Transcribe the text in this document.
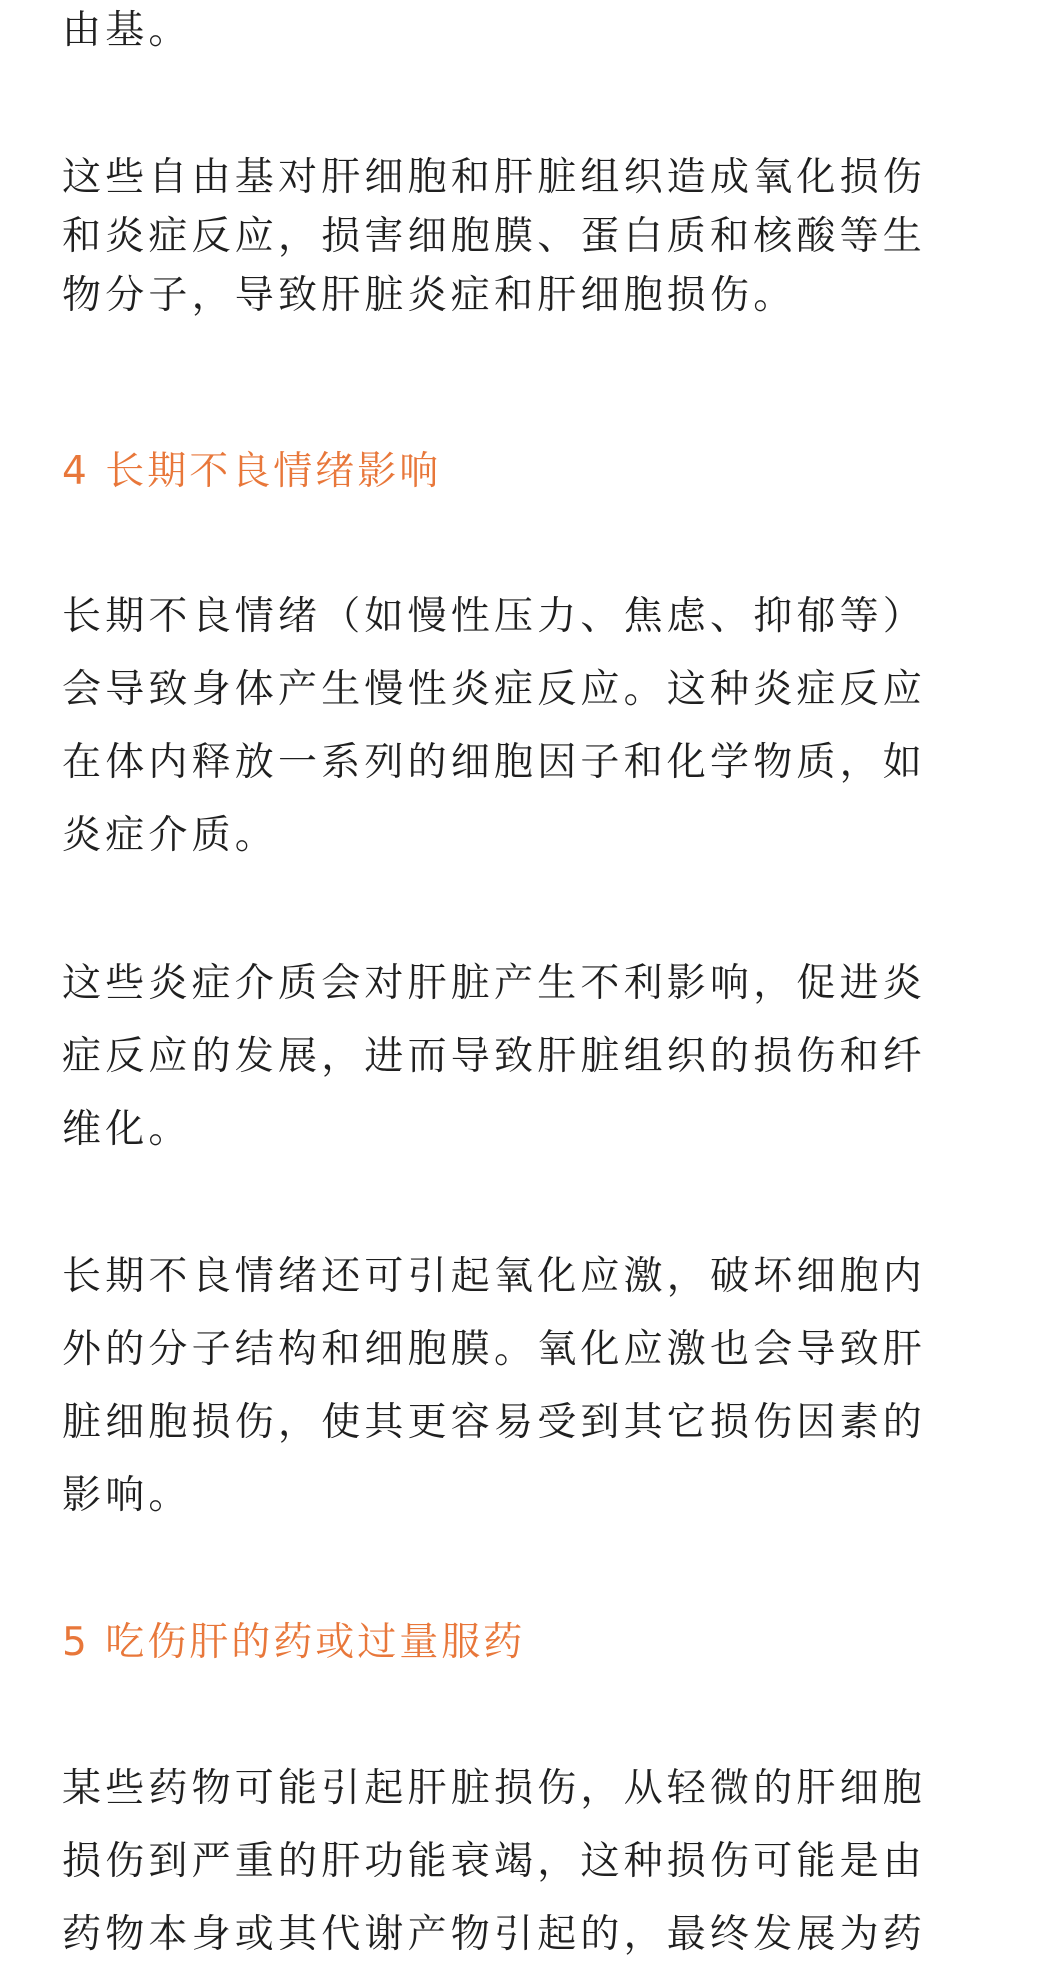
由基。

这些自由基对肝细胞和肝脏组织造成氧化损伤

和炎症反应，损害细胞膜、蛋白质和核酸等生

物分子，导致肝脏炎症和肝细胞损伤。

4 长期不良情绪影响

长期不良情绪（如慢性压力、焦虑、抑郁等）

会导致身体产生慢性炎症反应。这种炎症反应

在体内释放一系列的细胞因子和化学物质，如

炎症介质。

这些炎症介质会对肝脏产生不利影响，促进炎

症反应的发展，进而导致肝脏组织的损伤和纤

维化。

长期不良情绪还可引起氧化应激，破坏细胞内

外的分子结构和细胞膜。氧化应激也会导致肝

脏细胞损伤，使其更容易受到其它损伤因素的

影响。

5 吃伤肝的药或过量服药

某些药物可能引起肝脏损伤，从轻微的肝细胞

损伤到严重的肝功能衰竭，这种损伤可能是由

药物本身或其代谢产物引起的，最终发展为药
